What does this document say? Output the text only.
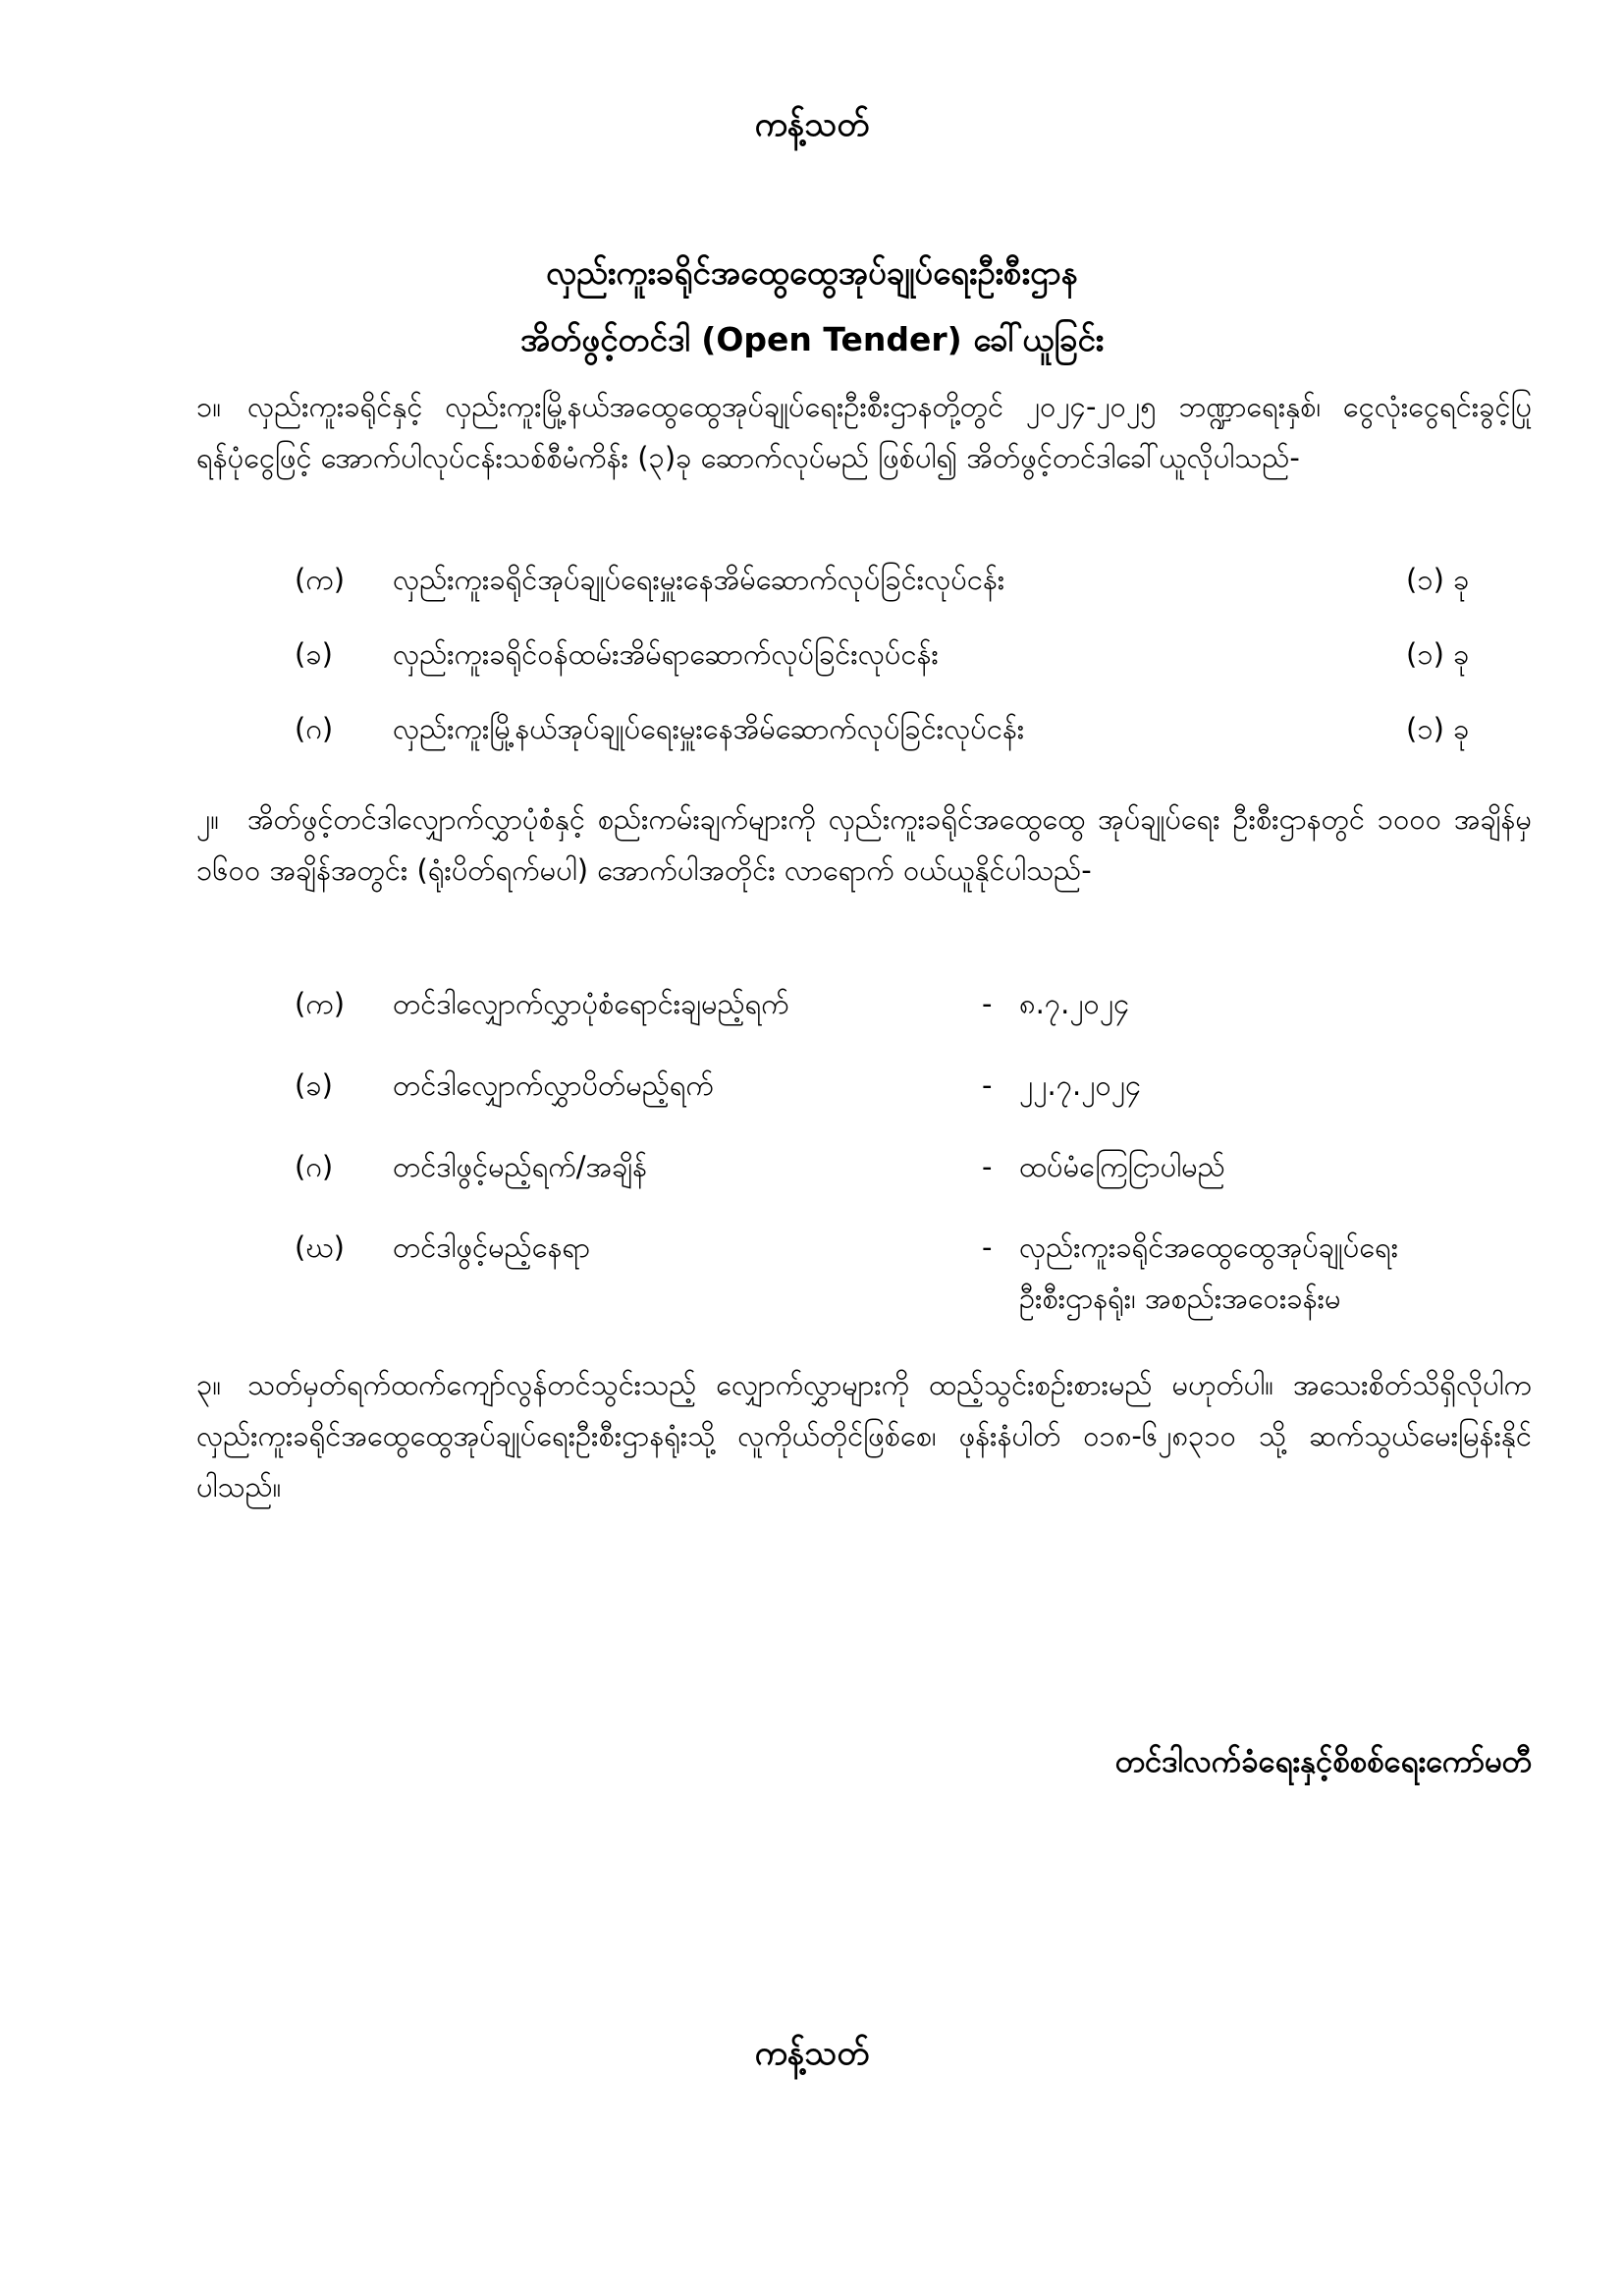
ကန့်သတ်
လှည်းကူးခရိုင်အထွေထွေအုပ်ချုပ်ရေးဦးစီးဌာန
အိတ်ဖွင့်တင်ဒါ (Open Tender) ခေါ်ယူခြင်း
၁။ လှည်းကူးခရိုင်နှင့် လှည်းကူးမြို့နယ်အထွေထွေအုပ်ချုပ်ရေးဦးစီးဌာနတို့တွင် ၂၀၂၄-၂၀၂၅ ဘဏ္ဍာရေးနှစ်၊ ငွေလုံးငွေရင်းခွင့်ပြုရန်ပုံငွေဖြင့် အောက်ပါလုပ်ငန်းသစ်စီမံကိန်း (၃)ခု ဆောက်လုပ်မည် ဖြစ်ပါ၍ အိတ်ဖွင့်တင်ဒါခေါ်ယူလိုပါသည်-
(က)	လှည်းကူးခရိုင်အုပ်ချုပ်ရေးမှူးနေအိမ်ဆောက်လုပ်ခြင်းလုပ်ငန်း	(၁) ခု
(ခ)	လှည်းကူးခရိုင်ဝန်ထမ်းအိမ်ရာဆောက်လုပ်ခြင်းလုပ်ငန်း	(၁) ခု
(ဂ)	လှည်းကူးမြို့နယ်အုပ်ချုပ်ရေးမှူးနေအိမ်ဆောက်လုပ်ခြင်းလုပ်ငန်း	(၁) ခု
၂။ အိတ်ဖွင့်တင်ဒါလျှောက်လွှာပုံစံနှင့် စည်းကမ်းချက်များကို လှည်းကူးခရိုင်အထွေထွေ အုပ်ချုပ်ရေး ဦးစီးဌာနတွင် ၁၀၀၀ အချိန်မှ ၁၆၀၀ အချိန်အတွင်း (ရုံးပိတ်ရက်မပါ) အောက်ပါအတိုင်း လာရောက် ဝယ်ယူနိုင်ပါသည်-
(က)	တင်ဒါလျှောက်လွှာပုံစံရောင်းချမည့်ရက်	- ၈.၇.၂၀၂၄
(ခ)	တင်ဒါလျှောက်လွှာပိတ်မည့်ရက်	- ၂၂.၇.၂၀၂၄
(ဂ)	တင်ဒါဖွင့်မည့်ရက်/အချိန်	- ထပ်မံကြေငြာပါမည်
(ဃ)	တင်ဒါဖွင့်မည့်နေရာ	- လှည်းကူးခရိုင်အထွေထွေအုပ်ချုပ်ရေး
ဦးစီးဌာနရုံး၊ အစည်းအဝေးခန်းမ
၃။ သတ်မှတ်ရက်ထက်ကျော်လွန်တင်သွင်းသည့် လျှောက်လွှာများကို ထည့်သွင်းစဉ်းစားမည် မဟုတ်ပါ။ အသေးစိတ်သိရှိလိုပါက လှည်းကူးခရိုင်အထွေထွေအုပ်ချုပ်ရေးဦးစီးဌာနရုံးသို့ လူကိုယ်တိုင်ဖြစ်စေ၊ ဖုန်းနံပါတ် ၀၁၈-၆၂၈၃၁၀ သို့ ဆက်သွယ်မေးမြန်းနိုင်ပါသည်။
တင်ဒါလက်ခံရေးနှင့်စိစစ်ရေးကော်မတီ
ကန့်သတ်
